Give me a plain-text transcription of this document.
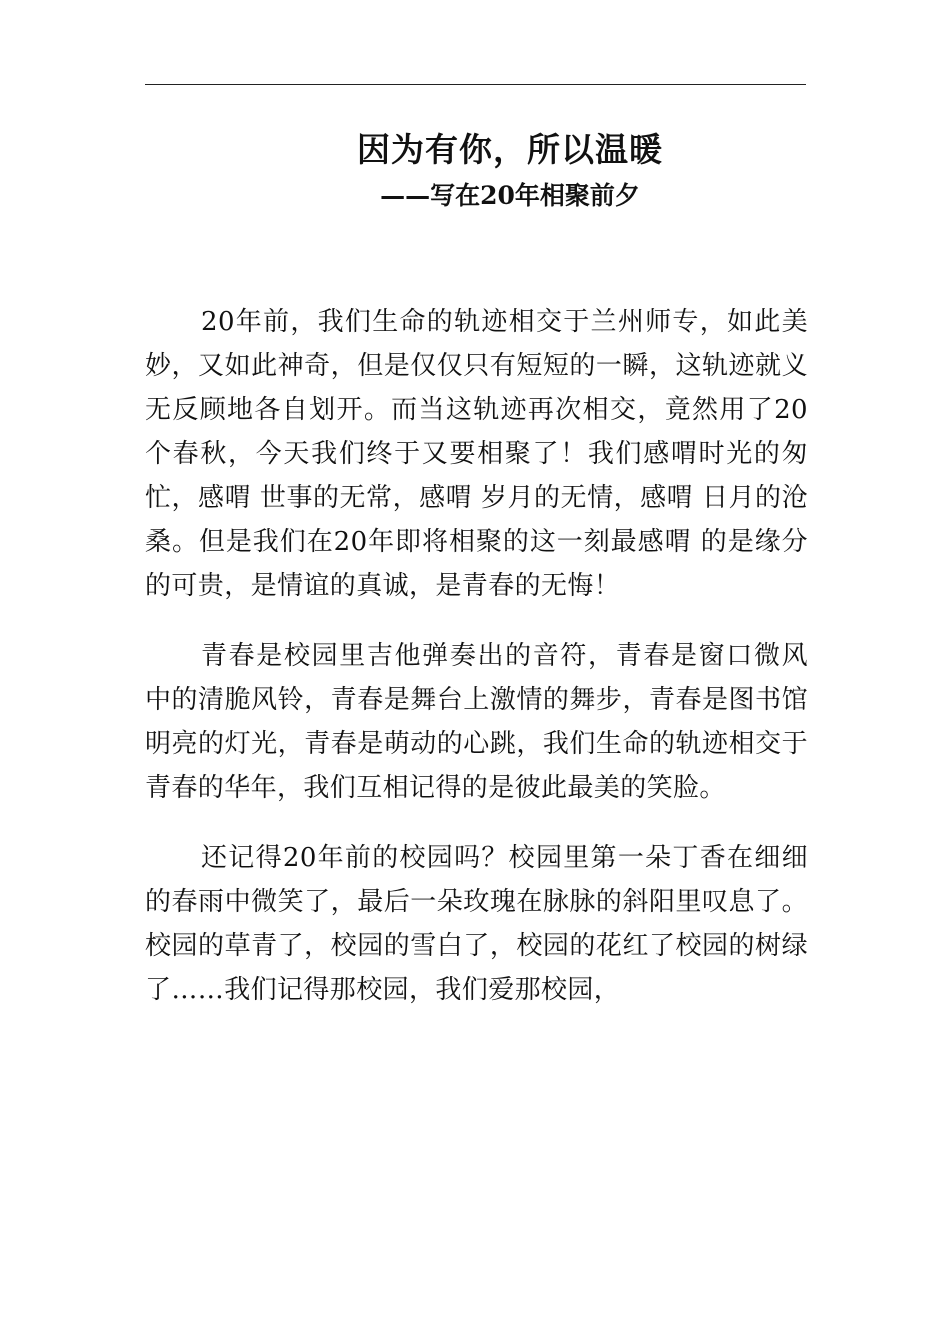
因为有你，所以温暖
——写在20年相聚前夕

20年前，我们生命的轨迹相交于兰州师专，如此美妙，又如此神奇，但是仅仅只有短短的一瞬，这轨迹就义无反顾地各自划开。而当这轨迹再次相交，竟然用了20个春秋，今天我们终于又要相聚了！我们感喟时光的匆忙，感喟 世事的无常，感喟 岁月的无情，感喟 日月的沧桑。但是我们在20年即将相聚的这一刻最感喟 的是缘分的可贵，是情谊的真诚，是青春的无悔！

青春是校园里吉他弹奏出的音符，青春是窗口微风中的清脆风铃，青春是舞台上激情的舞步，青春是图书馆明亮的灯光，青春是萌动的心跳，我们生命的轨迹相交于青春的华年，我们互相记得的是彼此最美的笑脸。

还记得20年前的校园吗？校园里第一朵丁香在细细的春雨中微笑了，最后一朵玫瑰在脉脉的斜阳里叹息了。校园的草青了，校园的雪白了，校园的花红了校园的树绿了……我们记得那校园，我们爱那校园，
